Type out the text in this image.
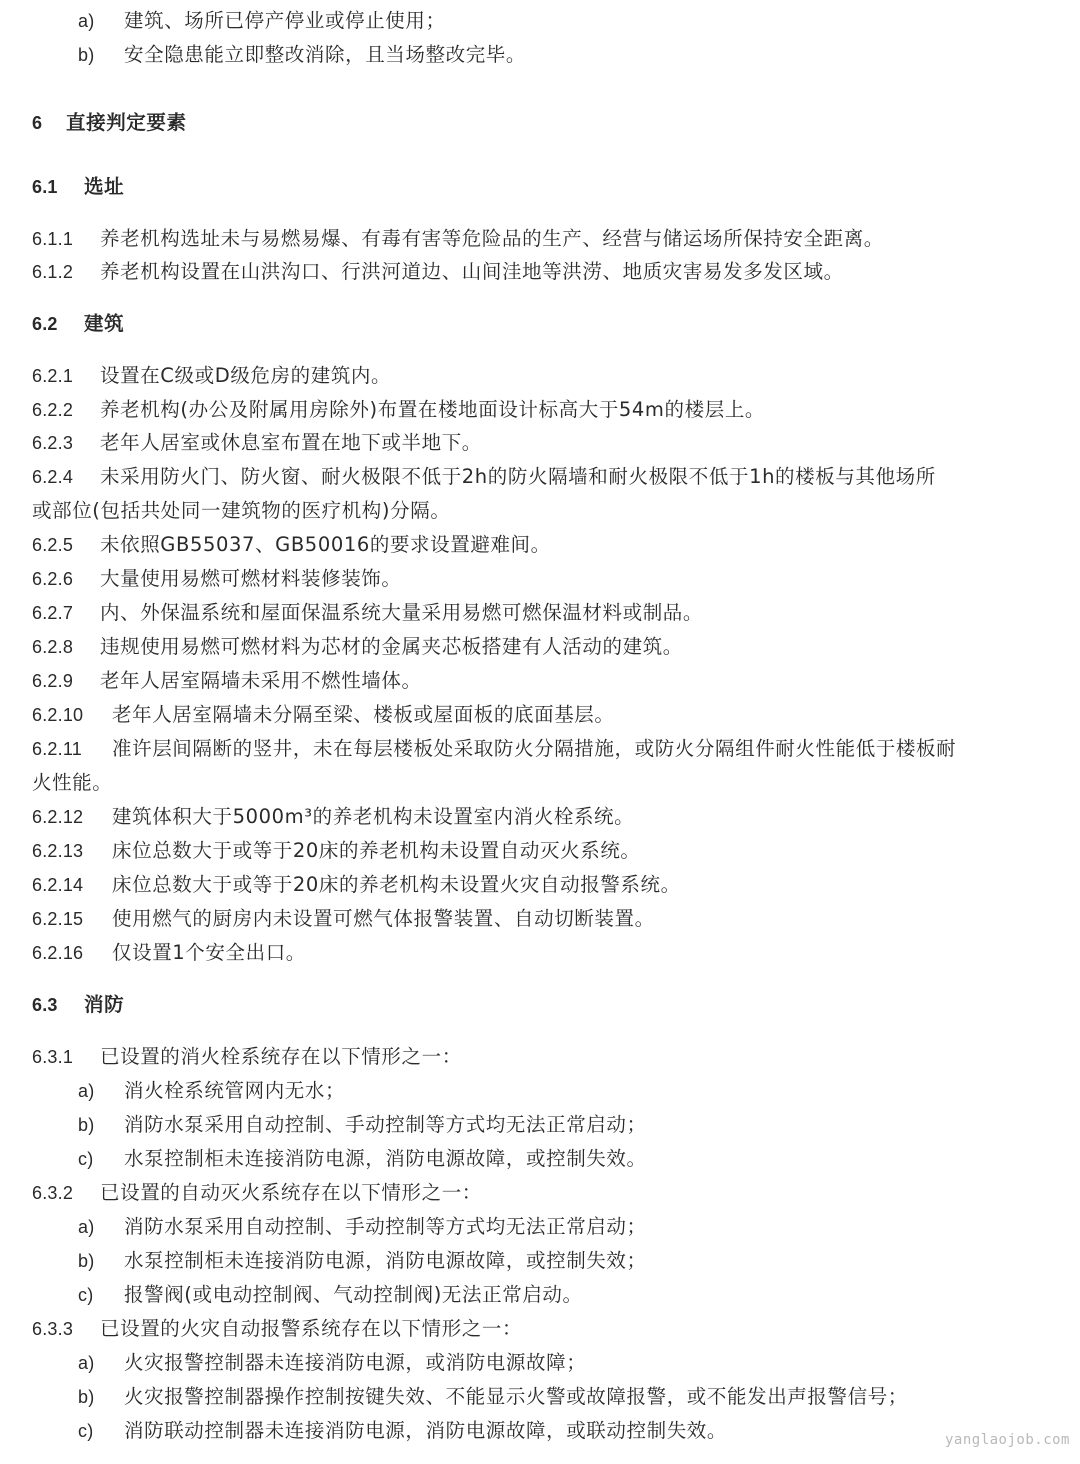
a) 建筑、场所已停产停业或停止使用；
b) 安全隐患能立即整改消除，且当场整改完毕。
6 直接判定要素
6.1 选址
6.1.1 养老机构选址未与易燃易爆、有毒有害等危险品的生产、经营与储运场所保持安全距离。
6.1.2 养老机构设置在山洪沟口、行洪河道边、山间洼地等洪涝、地质灾害易发多发区域。
6.2 建筑
6.2.1 设置在C级或D级危房的建筑内。
6.2.2 养老机构(办公及附属用房除外)布置在楼地面设计标高大于54m的楼层上。
6.2.3 老年人居室或休息室布置在地下或半地下。
6.2.4 未采用防火门、防火窗、耐火极限不低于2h的防火隔墙和耐火极限不低于1h的楼板与其他场所
或部位(包括共处同一建筑物的医疗机构)分隔。
6.2.5 未依照GB55037、GB50016的要求设置避难间。
6.2.6 大量使用易燃可燃材料装修装饰。
6.2.7 内、外保温系统和屋面保温系统大量采用易燃可燃保温材料或制品。
6.2.8 违规使用易燃可燃材料为芯材的金属夹芯板搭建有人活动的建筑。
6.2.9 老年人居室隔墙未采用不燃性墙体。
6.2.10 老年人居室隔墙未分隔至梁、楼板或屋面板的底面基层。
6.2.11 准许层间隔断的竖井，未在每层楼板处采取防火分隔措施，或防火分隔组件耐火性能低于楼板耐
火性能。
6.2.12 建筑体积大于5000m³的养老机构未设置室内消火栓系统。
6.2.13 床位总数大于或等于20床的养老机构未设置自动灭火系统。
6.2.14 床位总数大于或等于20床的养老机构未设置火灾自动报警系统。
6.2.15 使用燃气的厨房内未设置可燃气体报警装置、自动切断装置。
6.2.16 仅设置1个安全出口。
6.3 消防
6.3.1 已设置的消火栓系统存在以下情形之一：
a) 消火栓系统管网内无水；
b) 消防水泵采用自动控制、手动控制等方式均无法正常启动；
c) 水泵控制柜未连接消防电源，消防电源故障，或控制失效。
6.3.2 已设置的自动灭火系统存在以下情形之一：
a) 消防水泵采用自动控制、手动控制等方式均无法正常启动；
b) 水泵控制柜未连接消防电源，消防电源故障，或控制失效；
c) 报警阀(或电动控制阀、气动控制阀)无法正常启动。
6.3.3 已设置的火灾自动报警系统存在以下情形之一：
a) 火灾报警控制器未连接消防电源，或消防电源故障；
b) 火灾报警控制器操作控制按键失效、不能显示火警或故障报警，或不能发出声报警信号；
c) 消防联动控制器未连接消防电源，消防电源故障，或联动控制失效。	yanglaojob.com
